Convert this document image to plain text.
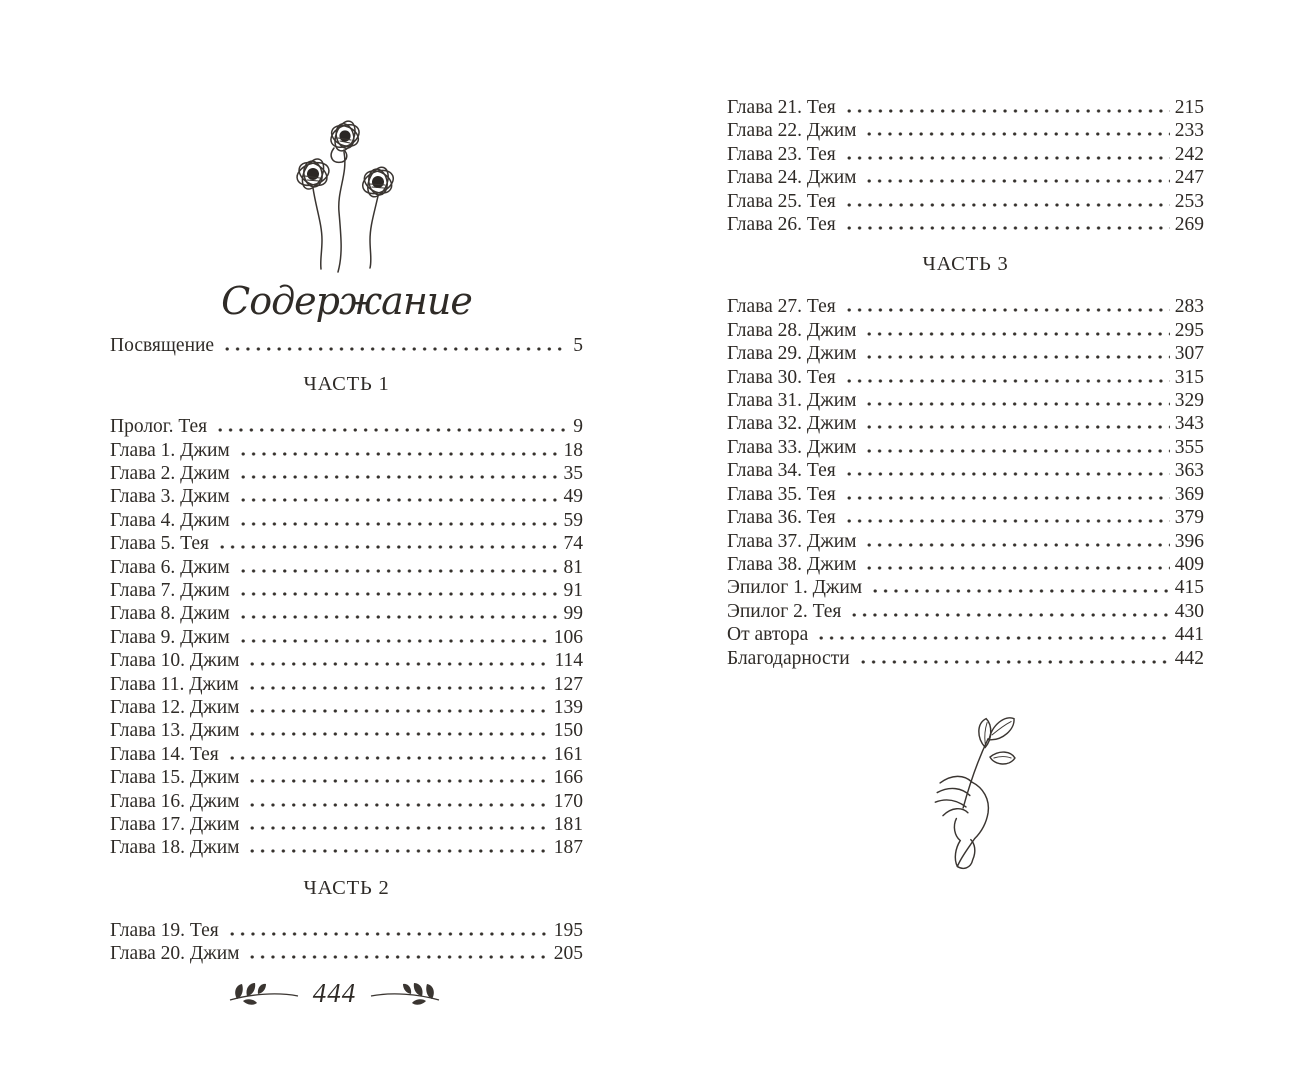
Содержание
Посвящение	5
ЧАСТЬ 1
Пролог. Тея	9
Глава 1. Джим	18
Глава 2. Джим	35
Глава 3. Джим	49
Глава 4. Джим	59
Глава 5. Тея	74
Глава 6. Джим	81
Глава 7. Джим	91
Глава 8. Джим	99
Глава 9. Джим	106
Глава 10. Джим	114
Глава 11. Джим	127
Глава 12. Джим	139
Глава 13. Джим	150
Глава 14. Тея	161
Глава 15. Джим	166
Глава 16. Джим	170
Глава 17. Джим	181
Глава 18. Джим	187
ЧАСТЬ 2
Глава 19. Тея	195
Глава 20. Джим	205
444
Глава 21. Тея	215
Глава 22. Джим	233
Глава 23. Тея	242
Глава 24. Джим	247
Глава 25. Тея	253
Глава 26. Тея	269
ЧАСТЬ 3
Глава 27. Тея	283
Глава 28. Джим	295
Глава 29. Джим	307
Глава 30. Тея	315
Глава 31. Джим	329
Глава 32. Джим	343
Глава 33. Джим	355
Глава 34. Тея	363
Глава 35. Тея	369
Глава 36. Тея	379
Глава 37. Джим	396
Глава 38. Джим	409
Эпилог 1. Джим	415
Эпилог 2. Тея	430
От автора	441
Благодарности	442
